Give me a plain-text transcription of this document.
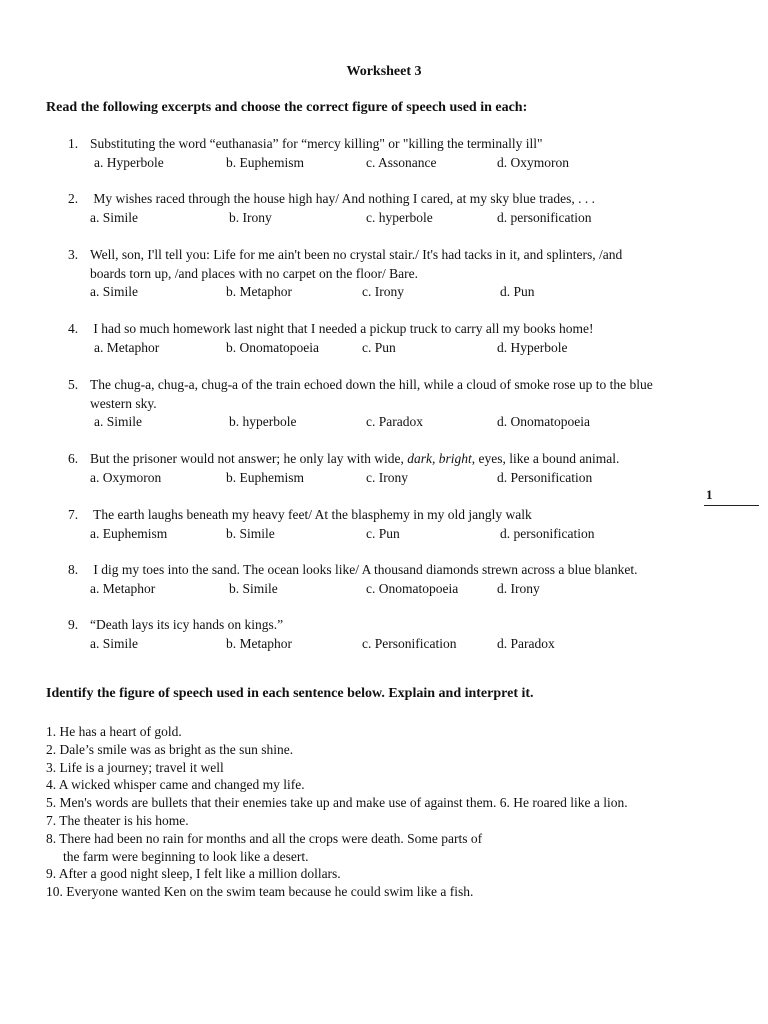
Worksheet 3
Read the following excerpts and choose the correct figure of speech used in each:
1. Substituting the word “euthanasia” for “mercy killing" or "killing the terminally ill"
a. Hyperbole	b. Euphemism	c. Assonance	d. Oxymoron
2. My wishes raced through the house high hay/ And nothing I cared, at my sky blue trades, . . .
a. Simile	b. Irony	c. hyperbole	d. personification
3. Well, son, I'll tell you: Life for me ain't been no crystal stair./ It's had tacks in it, and splinters, /and
boards torn up, /and places with no carpet on the floor/ Bare.
a. Simile	b. Metaphor	c. Irony	d. Pun
4. I had so much homework last night that I needed a pickup truck to carry all my books home!
a. Metaphor	b. Onomatopoeia	c. Pun	d. Hyperbole
5. The chug-a, chug-a, chug-a of the train echoed down the hill, while a cloud of smoke rose up to the blue
western sky.
a. Simile	b. hyperbole	c. Paradox	d. Onomatopoeia
6. But the prisoner would not answer; he only lay with wide, dark, bright, eyes, like a bound animal.
a. Oxymoron	b. Euphemism	c. Irony	d. Personification
7. The earth laughs beneath my heavy feet/ At the blasphemy in my old jangly walk
a. Euphemism	b. Simile	c. Pun	d. personification
8. I dig my toes into the sand. The ocean looks like/ A thousand diamonds strewn across a blue blanket.
a. Metaphor	b. Simile	c. Onomatopoeia	d. Irony
9. “Death lays its icy hands on kings.”
a. Simile	b. Metaphor	c. Personification	d. Paradox
1
Identify the figure of speech used in each sentence below. Explain and interpret it.
1. He has a heart of gold.
2. Dale’s smile was as bright as the sun shine.
3. Life is a journey; travel it well
4. A wicked whisper came and changed my life.
5. Men's words are bullets that their enemies take up and make use of against them. 6. He roared like a lion.
7. The theater is his home.
8. There had been no rain for months and all the crops were death. Some parts of
the farm were beginning to look like a desert.
9. After a good night sleep, I felt like a million dollars.
10. Everyone wanted Ken on the swim team because he could swim like a fish.
